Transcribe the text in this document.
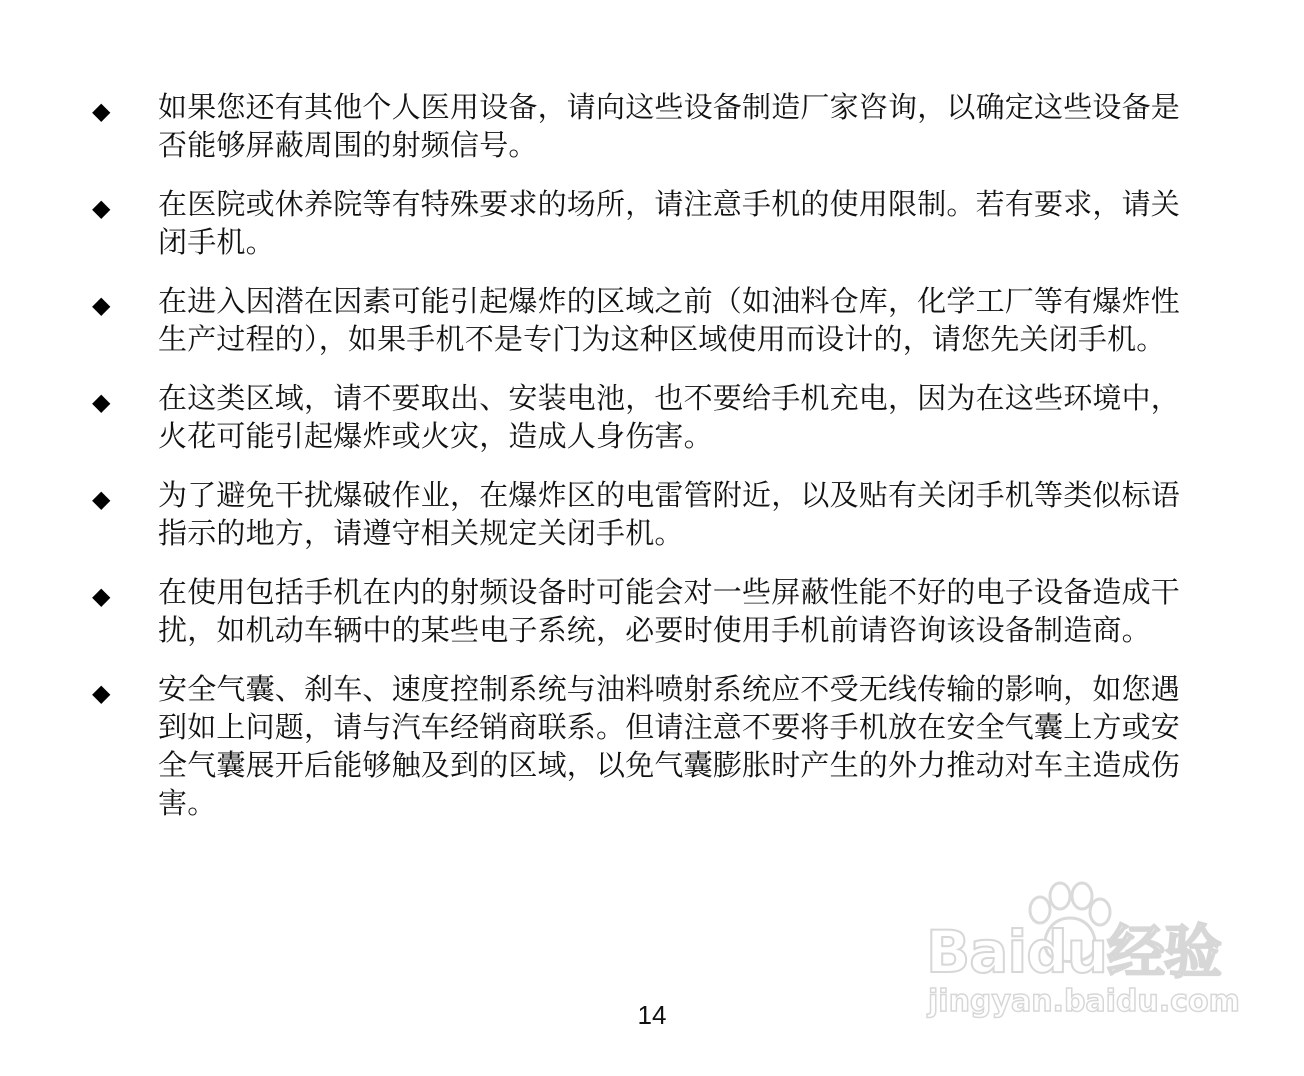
◆ 如果您还有其他个人医用设备，请向这些设备制造厂家咨询，以确定这些设备是否能够屏蔽周围的射频信号。
◆ 在医院或休养院等有特殊要求的场所，请注意手机的使用限制。若有要求，请关闭手机。
◆ 在进入因潜在因素可能引起爆炸的区域之前（如油料仓库，化学工厂等有爆炸性生产过程的），如果手机不是专门为这种区域使用而设计的，请您先关闭手机。
◆ 在这类区域，请不要取出、安装电池，也不要给手机充电，因为在这些环境中，火花可能引起爆炸或火灾，造成人身伤害。
◆ 为了避免干扰爆破作业，在爆炸区的电雷管附近，以及贴有关闭手机等类似标语指示的地方，请遵守相关规定关闭手机。
◆ 在使用包括手机在内的射频设备时可能会对一些屏蔽性能不好的电子设备造成干扰，如机动车辆中的某些电子系统，必要时使用手机前请咨询该设备制造商。
◆ 安全气囊、刹车、速度控制系统与油料喷射系统应不受无线传输的影响，如您遇到如上问题，请与汽车经销商联系。但请注意不要将手机放在安全气囊上方或安全气囊展开后能够触及到的区域，以免气囊膨胀时产生的外力推动对车主造成伤害。
Baidu经验
jingyan.baidu.com
14
